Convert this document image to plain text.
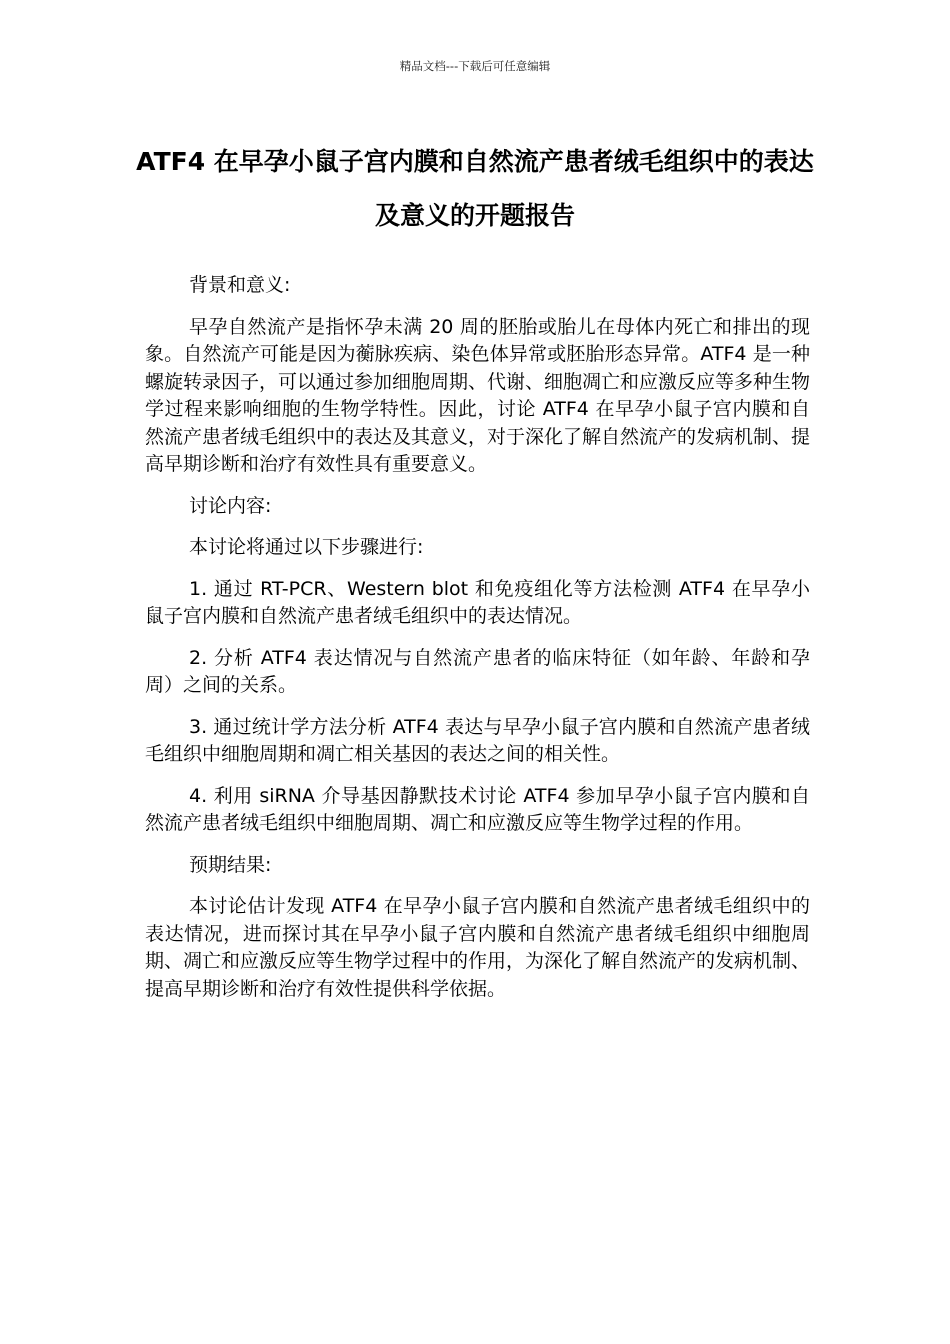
精品文档---下载后可任意编辑
ATF4 在早孕小鼠子宫内膜和自然流产患者绒毛组织中的表达及意义的开题报告

背景和意义:

早孕自然流产是指怀孕未满 20 周的胚胎或胎儿在母体内死亡和排出的现象。自然流产可能是因为蘅脉疾病、染色体异常或胚胎形态异常。ATF4 是一种螺旋转录因子，可以通过参加细胞周期、代谢、细胞凋亡和应激反应等多种生物学过程来影响细胞的生物学特性。因此，讨论 ATF4 在早孕小鼠子宫内膜和自然流产患者绒毛组织中的表达及其意义，对于深化了解自然流产的发病机制、提高早期诊断和治疗有效性具有重要意义。

讨论内容:

本讨论将通过以下步骤进行:

1. 通过 RT-PCR、Western blot 和免疫组化等方法检测 ATF4 在早孕小鼠子宫内膜和自然流产患者绒毛组织中的表达情况。

2. 分析 ATF4 表达情况与自然流产患者的临床特征（如年龄、年龄和孕周）之间的关系。

3. 通过统计学方法分析 ATF4 表达与早孕小鼠子宫内膜和自然流产患者绒毛组织中细胞周期和凋亡相关基因的表达之间的相关性。

4. 利用 siRNA 介导基因静默技术讨论 ATF4 参加早孕小鼠子宫内膜和自然流产患者绒毛组织中细胞周期、凋亡和应激反应等生物学过程的作用。

预期结果:

本讨论估计发现 ATF4 在早孕小鼠子宫内膜和自然流产患者绒毛组织中的表达情况，进而探讨其在早孕小鼠子宫内膜和自然流产患者绒毛组织中细胞周期、凋亡和应激反应等生物学过程中的作用，为深化了解自然流产的发病机制、提高早期诊断和治疗有效性提供科学依据。
